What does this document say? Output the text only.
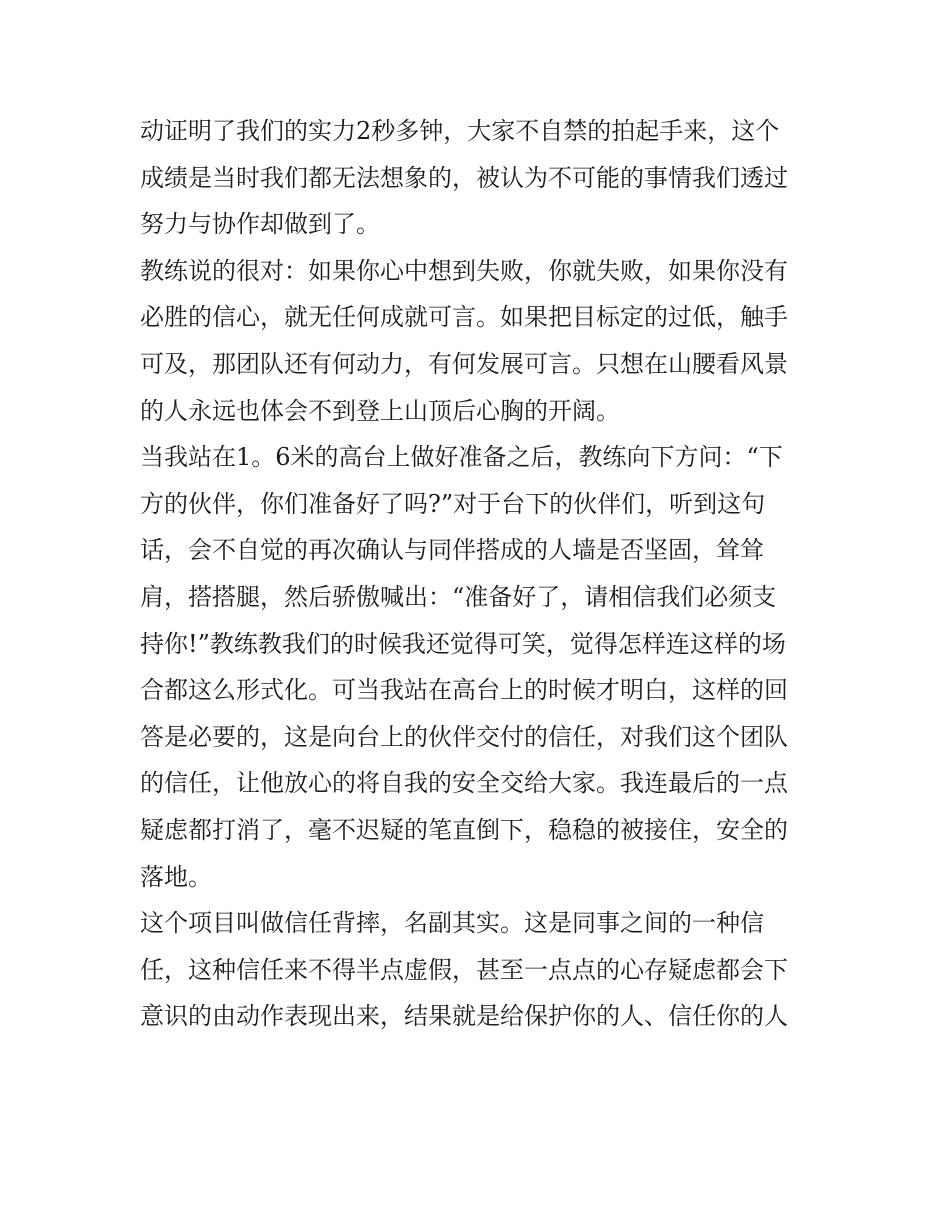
动证明了我们的实力2秒多钟，大家不自禁的拍起手来，这个
成绩是当时我们都无法想象的，被认为不可能的事情我们透过
努力与协作却做到了。
教练说的很对：如果你心中想到失败，你就失败，如果你没有
必胜的信心，就无任何成就可言。如果把目标定的过低，触手
可及，那团队还有何动力，有何发展可言。只想在山腰看风景
的人永远也体会不到登上山顶后心胸的开阔。
当我站在1。6米的高台上做好准备之后，教练向下方问：“下
方的伙伴，你们准备好了吗?”对于台下的伙伴们，听到这句
话，会不自觉的再次确认与同伴搭成的人墙是否坚固，耸耸
肩，搭搭腿，然后骄傲喊出：“准备好了，请相信我们必须支
持你!”教练教我们的时候我还觉得可笑，觉得怎样连这样的场
合都这么形式化。可当我站在高台上的时候才明白，这样的回
答是必要的，这是向台上的伙伴交付的信任，对我们这个团队
的信任，让他放心的将自我的安全交给大家。我连最后的一点
疑虑都打消了，毫不迟疑的笔直倒下，稳稳的被接住，安全的
落地。
这个项目叫做信任背摔，名副其实。这是同事之间的一种信
任，这种信任来不得半点虚假，甚至一点点的心存疑虑都会下
意识的由动作表现出来，结果就是给保护你的人、信任你的人
